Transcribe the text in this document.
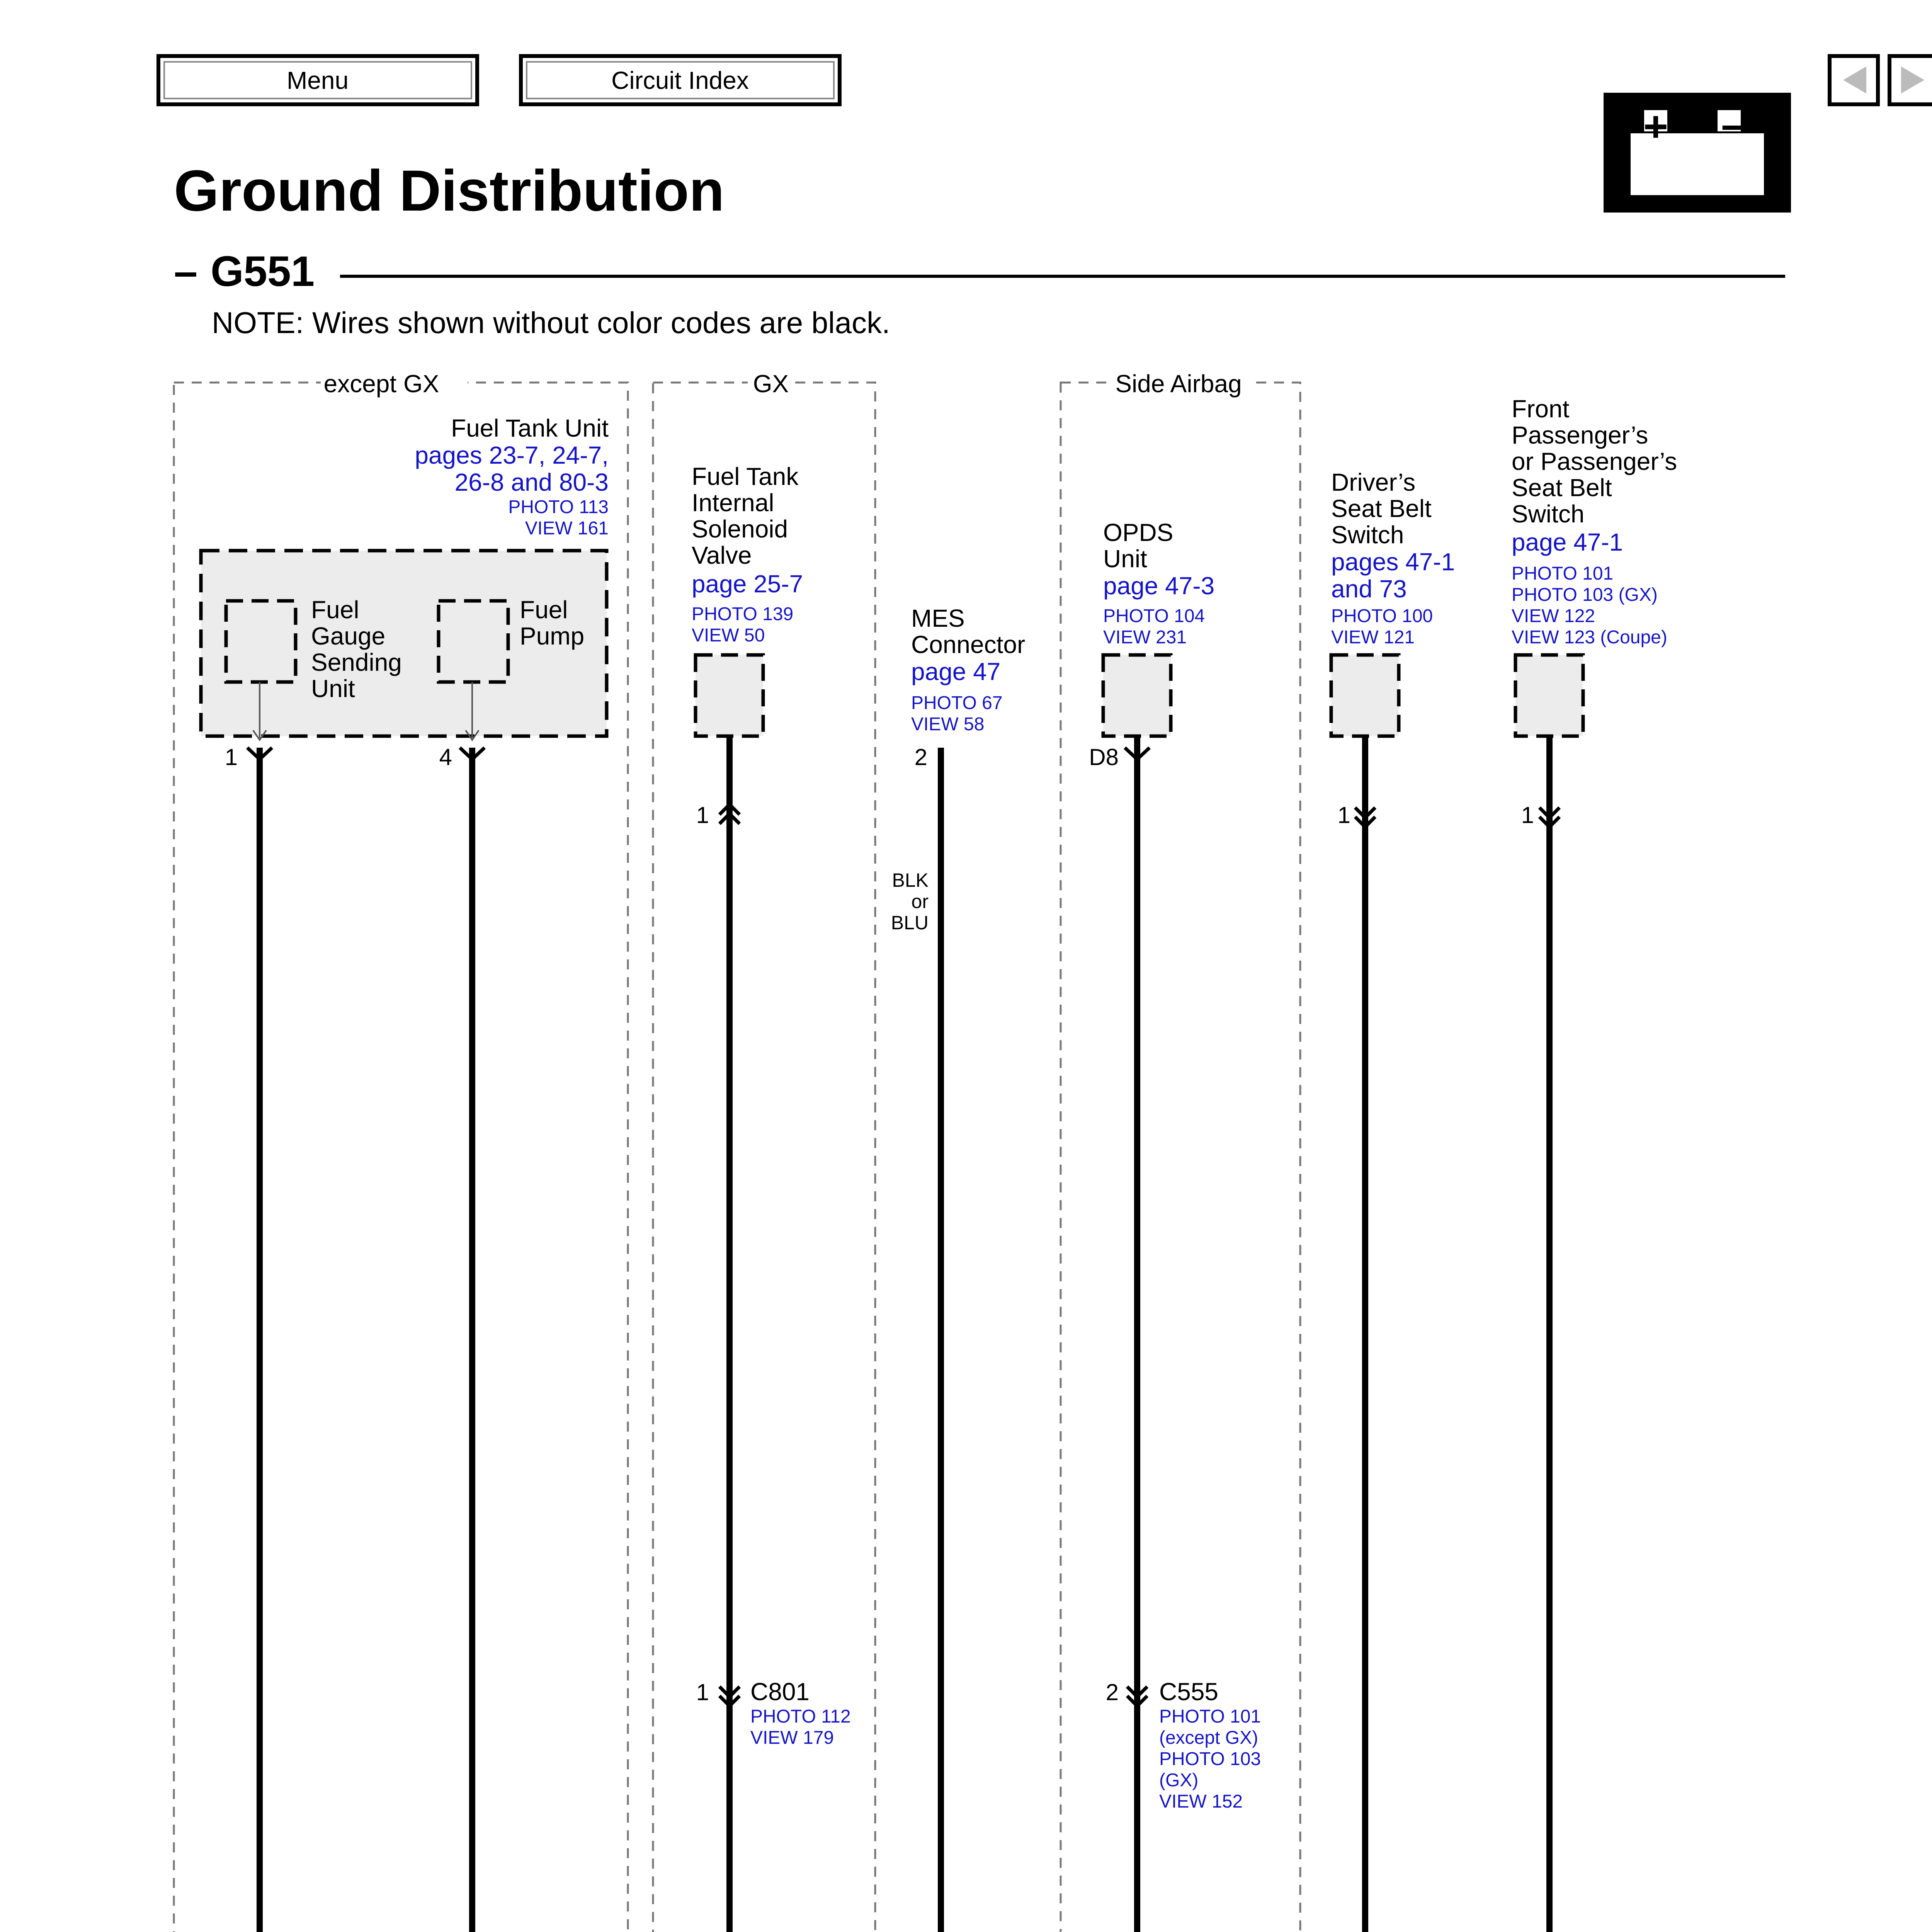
Menu	Circuit Index
+ –
Ground Distribution
– G551
NOTE: Wires shown without color codes are black.
except GX	GX	Side Airbag
Fuel Tank Unit
pages 23-7, 24-7,
26-8 and 80-3
PHOTO 113
VIEW 161
Fuel
Gauge
Sending
Unit
Fuel
Pump
Fuel Tank
Internal
Solenoid
Valve
page 25-7
PHOTO 139
VIEW 50
MES
Connector
page 47
PHOTO 67
VIEW 58
OPDS
Unit
page 47-3
PHOTO 104
VIEW 231
Driver’s
Seat Belt
Switch
pages 47-1
and 73
PHOTO 100
VIEW 121
Front
Passenger’s
or Passenger’s
Seat Belt
Switch
page 47-1
PHOTO 101
PHOTO 103 (GX)
VIEW 122
VIEW 123 (Coupe)
1	4
1
2	D8
1	1
BLK
or
BLU
1 C801
PHOTO 112
VIEW 179
2 C555
PHOTO 101
(except GX)
PHOTO 103
(GX)
VIEW 152
